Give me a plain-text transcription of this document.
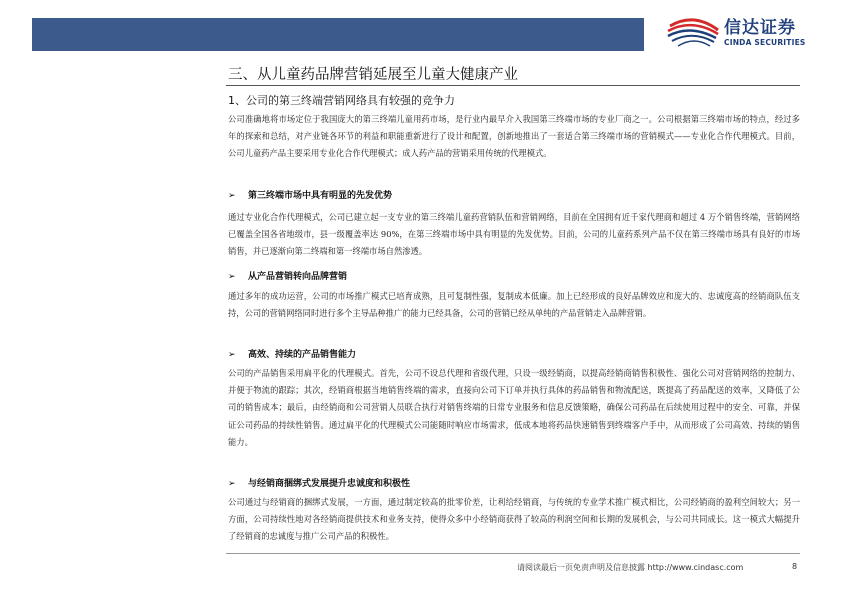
信达证券
CINDA SECURITIES
三、从儿童药品牌营销延展至儿童大健康产业
1、公司的第三终端营销网络具有较强的竞争力

公司准确地将市场定位于我国庞大的第三终端儿童用药市场，是行业内最早介入我国第三终端市场的专业厂商之一。公司根据第三终端市场的特点，经过多年的探索和总结，对产业链各环节的利益和职能重新进行了设计和配置，创新地推出了一套适合第三终端市场的营销模式——专业化合作代理模式。目前，公司儿童药产品主要采用专业化合作代理模式；成人药产品的营销采用传统的代理模式。

➢ 第三终端市场中具有明显的先发优势

通过专业化合作代理模式，公司已建立起一支专业的第三终端儿童药营销队伍和营销网络，目前在全国拥有近千家代理商和超过 4 万个销售终端，营销网络已覆盖全国各省地级市，县一级覆盖率达 90%，在第三终端市场中具有明显的先发优势。目前，公司的儿童药系列产品不仅在第三终端市场具有良好的市场销售，并已逐渐向第二终端和第一终端市场自然渗透。

➢ 从产品营销转向品牌营销

通过多年的成功运营，公司的市场推广模式已培育成熟，且可复制性强，复制成本低廉。加上已经形成的良好品牌效应和庞大的、忠诚度高的经销商队伍支持，公司的营销网络同时进行多个主导品种推广的能力已经具备，公司的营销已经从单纯的产品营销走入品牌营销。

➢ 高效、持续的产品销售能力

公司的产品销售采用扁平化的代理模式。首先，公司不设总代理和省级代理，只设一级经销商，以提高经销商销售积极性、强化公司对营销网络的控制力、并便于物流的跟踪；其次，经销商根据当地销售终端的需求，直接向公司下订单并执行具体的药品销售和物流配送，既提高了药品配送的效率，又降低了公司的销售成本；最后，由经销商和公司营销人员联合执行对销售终端的日常专业服务和信息反馈策略，确保公司药品在后续使用过程中的安全、可靠，并保证公司药品的持续性销售。通过扁平化的代理模式公司能随时响应市场需求，低成本地将药品快速销售到终端客户手中，从而形成了公司高效、持续的销售能力。

➢ 与经销商捆绑式发展提升忠诚度和积极性

公司通过与经销商的捆绑式发展，一方面，通过制定较高的批零价差，让利给经销商，与传统的专业学术推广模式相比，公司经销商的盈利空间较大；另一方面，公司持续性地对各经销商提供技术和业务支持，使得众多中小经销商获得了较高的利润空间和长期的发展机会，与公司共同成长。这一模式大幅提升了经销商的忠诚度与推广公司产品的积极性。

请阅读最后一页免责声明及信息披露 http://www.cindasc.com	8
